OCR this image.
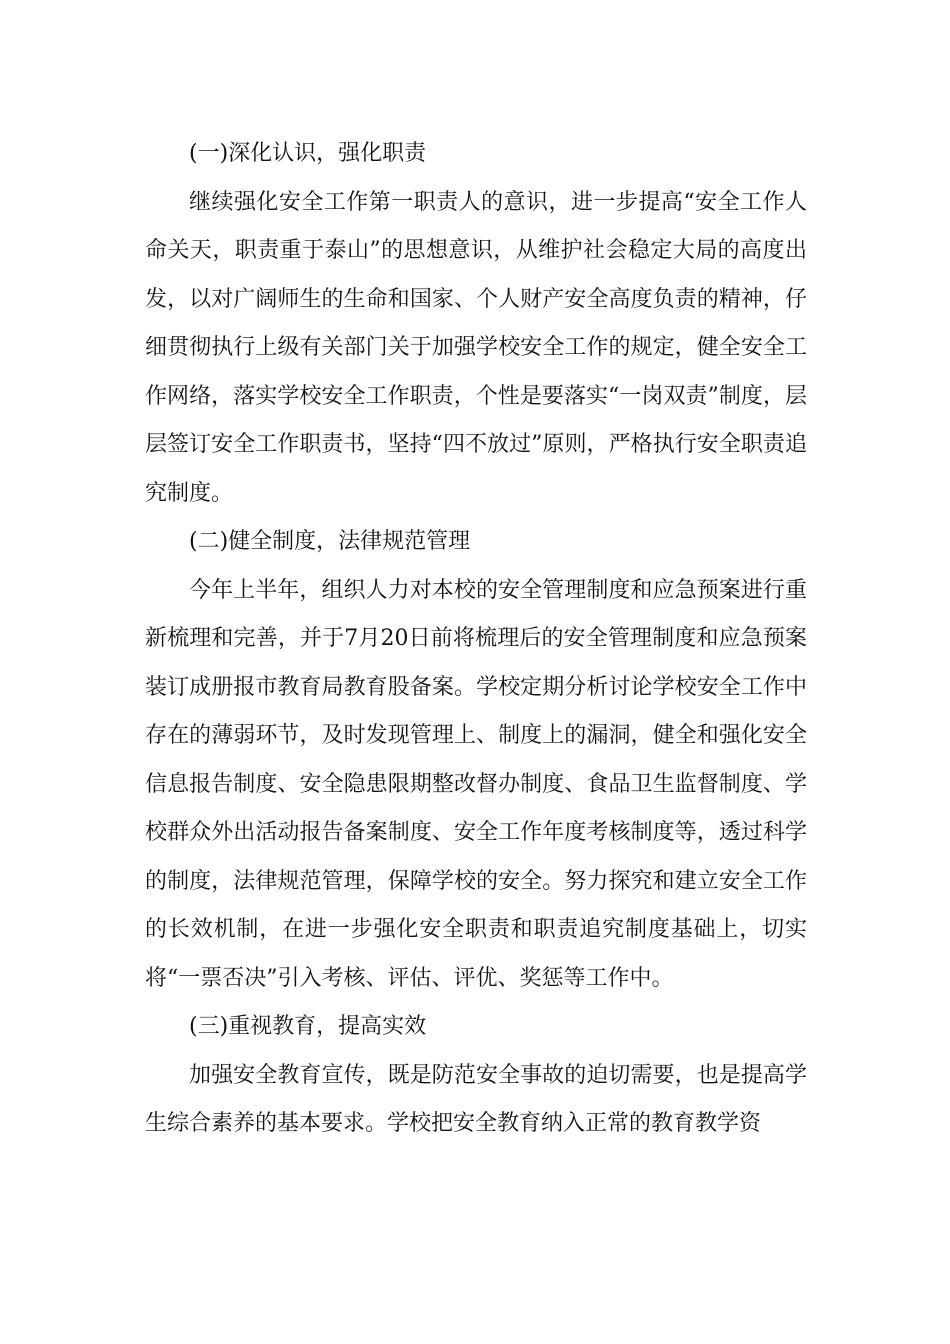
(一)深化认识，强化职责

继续强化安全工作第一职责人的意识，进一步提高“安全工作人命关天，职责重于泰山”的思想意识，从维护社会稳定大局的高度出发，以对广阔师生的生命和国家、个人财产安全高度负责的精神，仔细贯彻执行上级有关部门关于加强学校安全工作的规定，健全安全工作网络，落实学校安全工作职责，个性是要落实“一岗双责”制度，层层签订安全工作职责书，坚持“四不放过”原则，严格执行安全职责追究制度。

(二)健全制度，法律规范管理

今年上半年，组织人力对本校的安全管理制度和应急预案进行重新梳理和完善，并于7月20日前将梳理后的安全管理制度和应急预案装订成册报市教育局教育股备案。学校定期分析讨论学校安全工作中存在的薄弱环节，及时发现管理上、制度上的漏洞，健全和强化安全信息报告制度、安全隐患限期整改督办制度、食品卫生监督制度、学校群众外出活动报告备案制度、安全工作年度考核制度等，透过科学的制度，法律规范管理，保障学校的安全。努力探究和建立安全工作的长效机制，在进一步强化安全职责和职责追究制度基础上，切实将“一票否决”引入考核、评估、评优、奖惩等工作中。

(三)重视教育，提高实效

加强安全教育宣传，既是防范安全事故的迫切需要，也是提高学生综合素养的基本要求。学校把安全教育纳入正常的教育教学资
